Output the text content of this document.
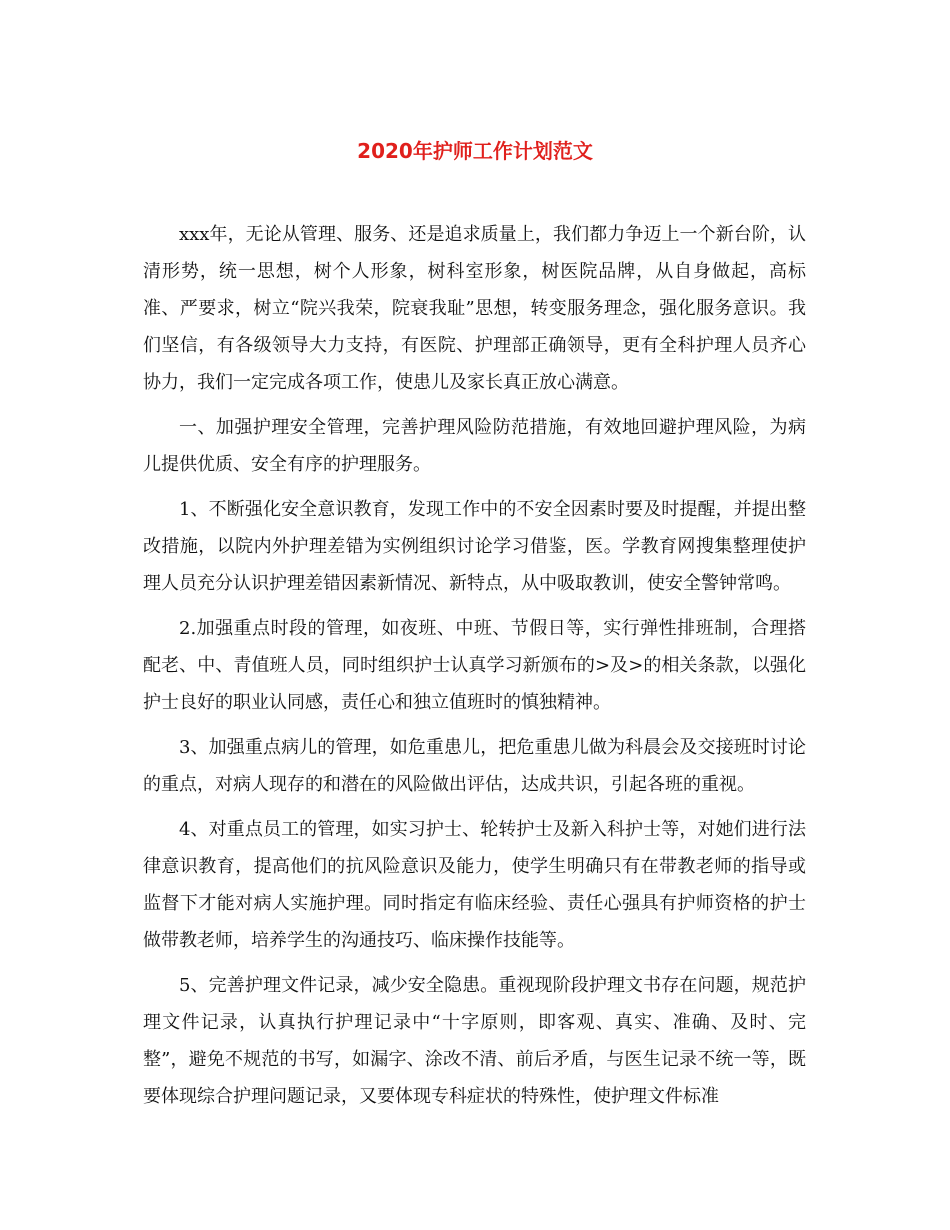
2020年护师工作计划范文

xxx年，无论从管理、服务、还是追求质量上，我们都力争迈上一个新台阶，认清形势，统一思想，树个人形象，树科室形象，树医院品牌，从自身做起，高标准、严要求，树立“院兴我荣，院衰我耻”思想，转变服务理念，强化服务意识。我们坚信，有各级领导大力支持，有医院、护理部正确领导，更有全科护理人员齐心协力，我们一定完成各项工作，使患儿及家长真正放心满意。

一、加强护理安全管理，完善护理风险防范措施，有效地回避护理风险，为病儿提供优质、安全有序的护理服务。

1、不断强化安全意识教育，发现工作中的不安全因素时要及时提醒，并提出整改措施，以院内外护理差错为实例组织讨论学习借鉴，医。学教育网搜集整理使护理人员充分认识护理差错因素新情况、新特点，从中吸取教训，使安全警钟常鸣。

2.加强重点时段的管理，如夜班、中班、节假日等，实行弹性排班制，合理搭配老、中、青值班人员，同时组织护士认真学习新颁布的>及>的相关条款，以强化护士良好的职业认同感，责任心和独立值班时的慎独精神。

3、加强重点病儿的管理，如危重患儿，把危重患儿做为科晨会及交接班时讨论的重点，对病人现存的和潜在的风险做出评估，达成共识，引起各班的重视。

4、对重点员工的管理，如实习护士、轮转护士及新入科护士等，对她们进行法律意识教育，提高他们的抗风险意识及能力，使学生明确只有在带教老师的指导或监督下才能对病人实施护理。同时指定有临床经验、责任心强具有护师资格的护士做带教老师，培养学生的沟通技巧、临床操作技能等。

5、完善护理文件记录，减少安全隐患。重视现阶段护理文书存在问题，规范护理文件记录，认真执行护理记录中“十字原则，即客观、真实、准确、及时、完整”，避免不规范的书写，如漏字、涂改不清、前后矛盾，与医生记录不统一等，既要体现综合护理问题记录，又要体现专科症状的特殊性，使护理文件标准
